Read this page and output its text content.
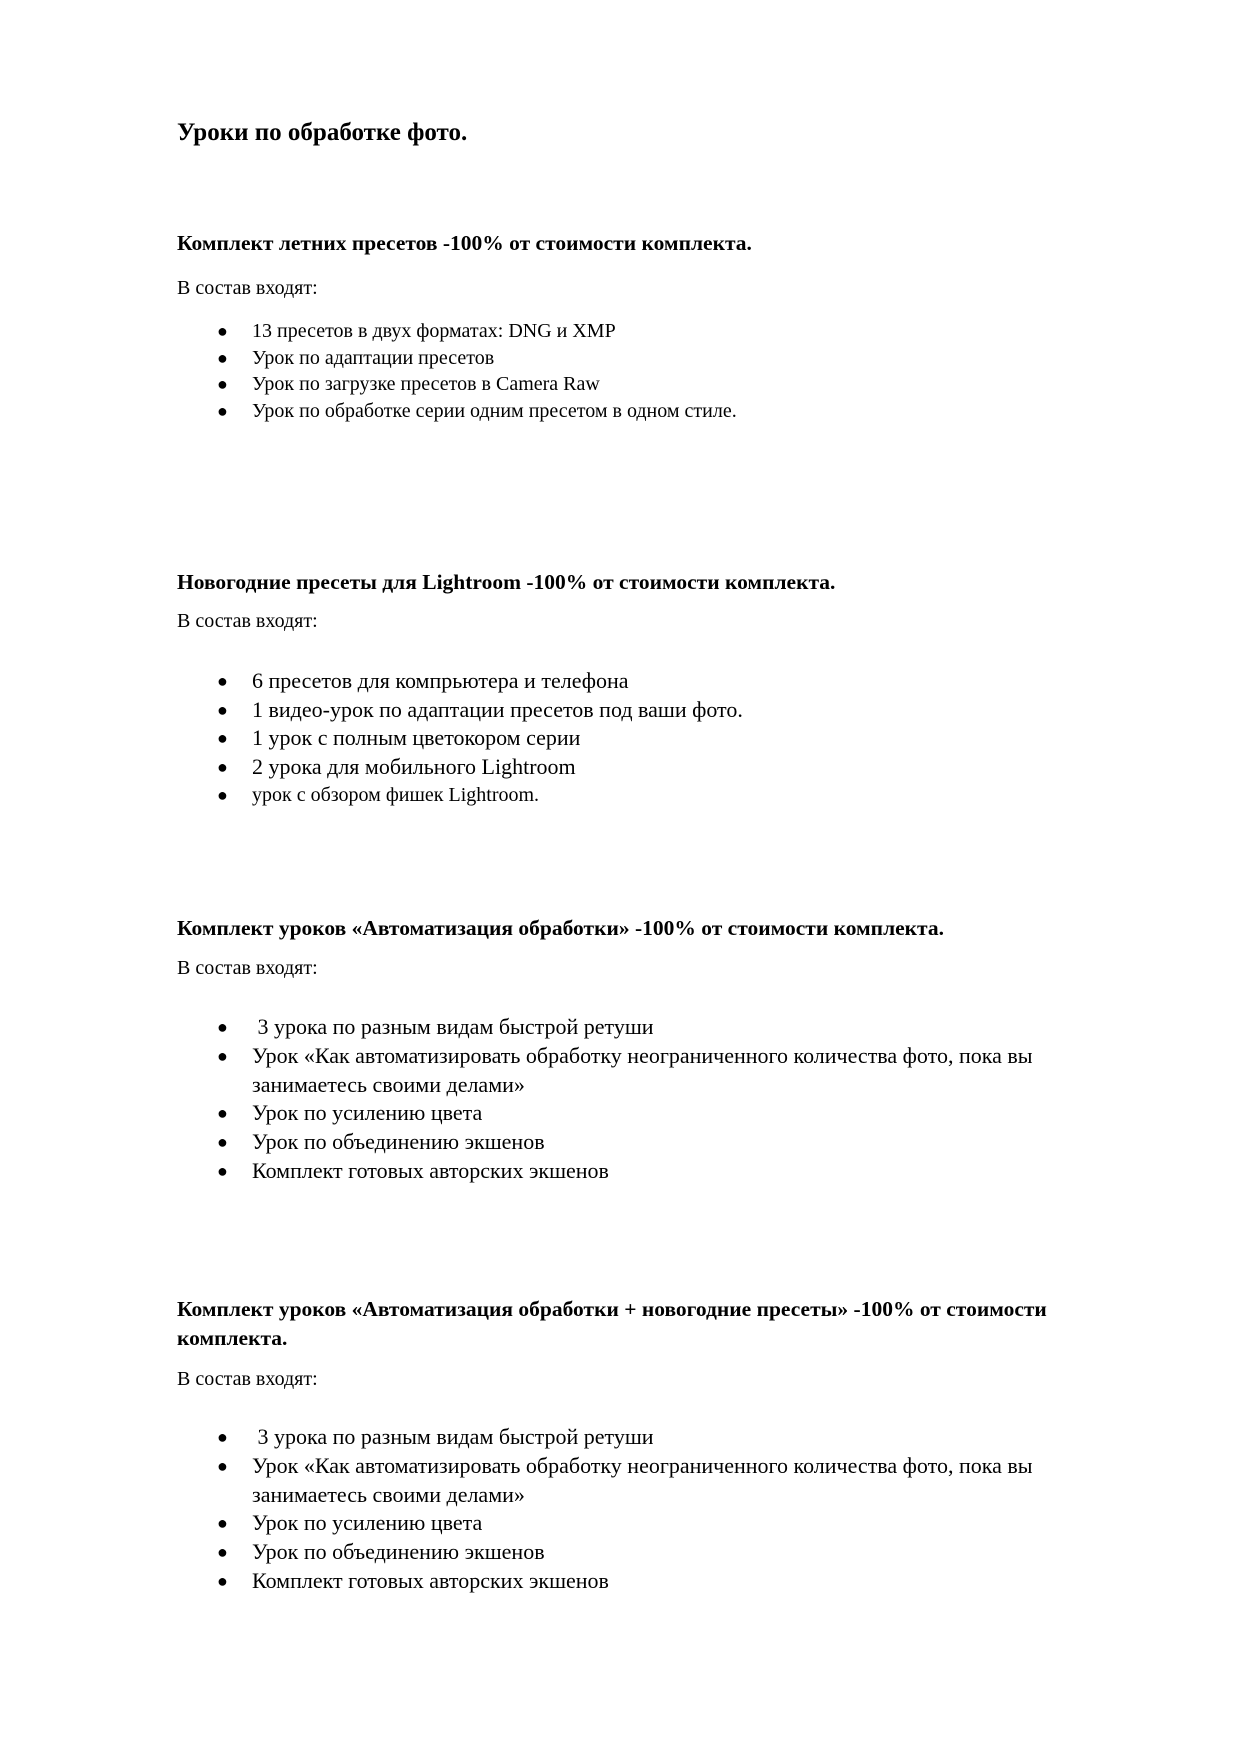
Уроки по обработке фото.
Комплект летних пресетов -100% от стоимости комплекта.
В состав входят:
● 13 пресетов в двух форматах: DNG и XMP
● Урок по адаптации пресетов
● Урок по загрузке пресетов в Camera Raw
● Урок по обработке серии одним пресетом в одном стиле.
Новогодние пресеты для Lightroom -100% от стоимости комплекта.
В состав входят:
● 6 пресетов для компрьютера и телефона
● 1 видео-урок по адаптации пресетов под ваши фото.
● 1 урок с полным цветокором серии
● 2 урока для мобильного Lightroom
● урок с обзором фишек Lightroom.
Комплект уроков «Автоматизация обработки» -100% от стоимости комплекта.
В состав входят:
● 3 урока по разным видам быстрой ретуши
● Урок «Как автоматизировать обработку неограниченного количества фото, пока вы занимаетесь своими делами»
● Урок по усилению цвета
● Урок по объединению экшенов
● Комплект готовых авторских экшенов
Комплект уроков «Автоматизация обработки + новогодние пресеты» -100% от стоимости комплекта.
В состав входят:
● 3 урока по разным видам быстрой ретуши
● Урок «Как автоматизировать обработку неограниченного количества фото, пока вы занимаетесь своими делами»
● Урок по усилению цвета
● Урок по объединению экшенов
● Комплект готовых авторских экшенов
